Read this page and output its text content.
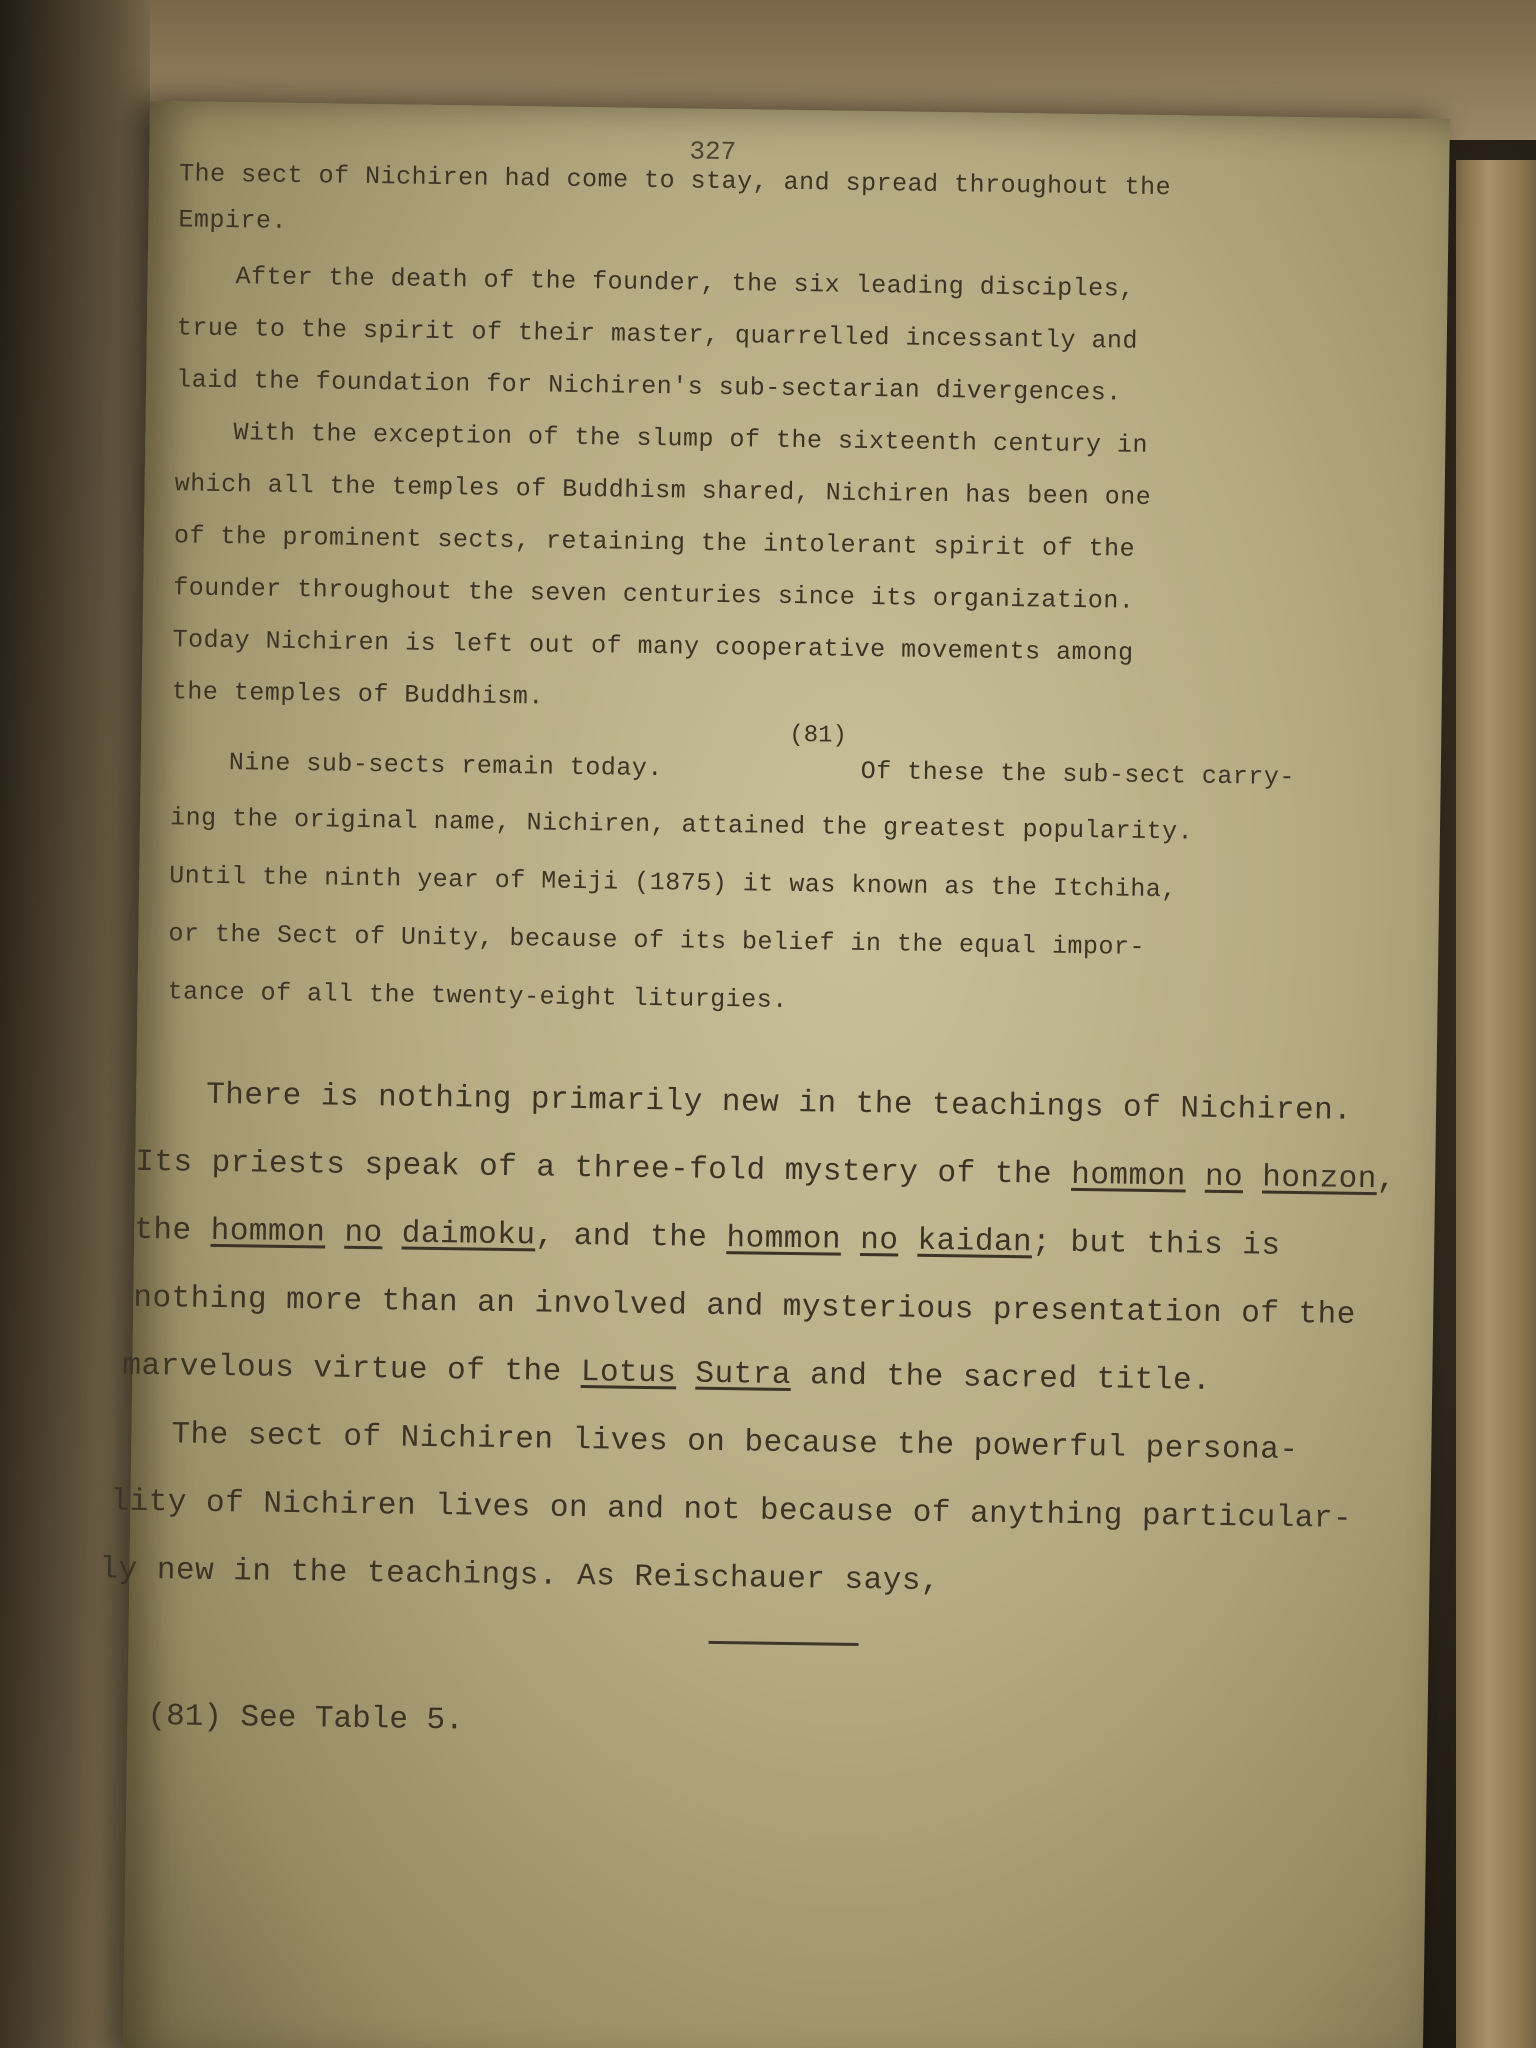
327
The sect of Nichiren had come to stay, and spread throughout the
Empire.
After the death of the founder, the six leading disciples,
true to the spirit of their master, quarrelled incessantly and
laid the foundation for Nichiren's sub-sectarian divergences.
With the exception of the slump of the sixteenth century in
which all the temples of Buddhism shared, Nichiren has been one
of the prominent sects, retaining the intolerant spirit of the
founder throughout the seven centuries since its organization.
Today Nichiren is left out of many cooperative movements among
the temples of Buddhism.
Nine sub-sects remain today.
(81)
Of these the sub-sect carry-
ing the original name, Nichiren, attained the greatest popularity.
Until the ninth year of Meiji (1875) it was known as the Itchiha,
or the Sect of Unity, because of its belief in the equal impor-
tance of all the twenty-eight liturgies.
There is nothing primarily new in the teachings of Nichiren.
Its priests speak of a three-fold mystery of the hommon no honzon,
the hommon no daimoku, and the hommon no kaidan; but this is
nothing more than an involved and mysterious presentation of the
marvelous virtue of the Lotus Sutra and the sacred title.
The sect of Nichiren lives on because the powerful persona-
lity of Nichiren lives on and not because of anything particular-
ly new in the teachings. As Reischauer says,
(81) See Table 5.
